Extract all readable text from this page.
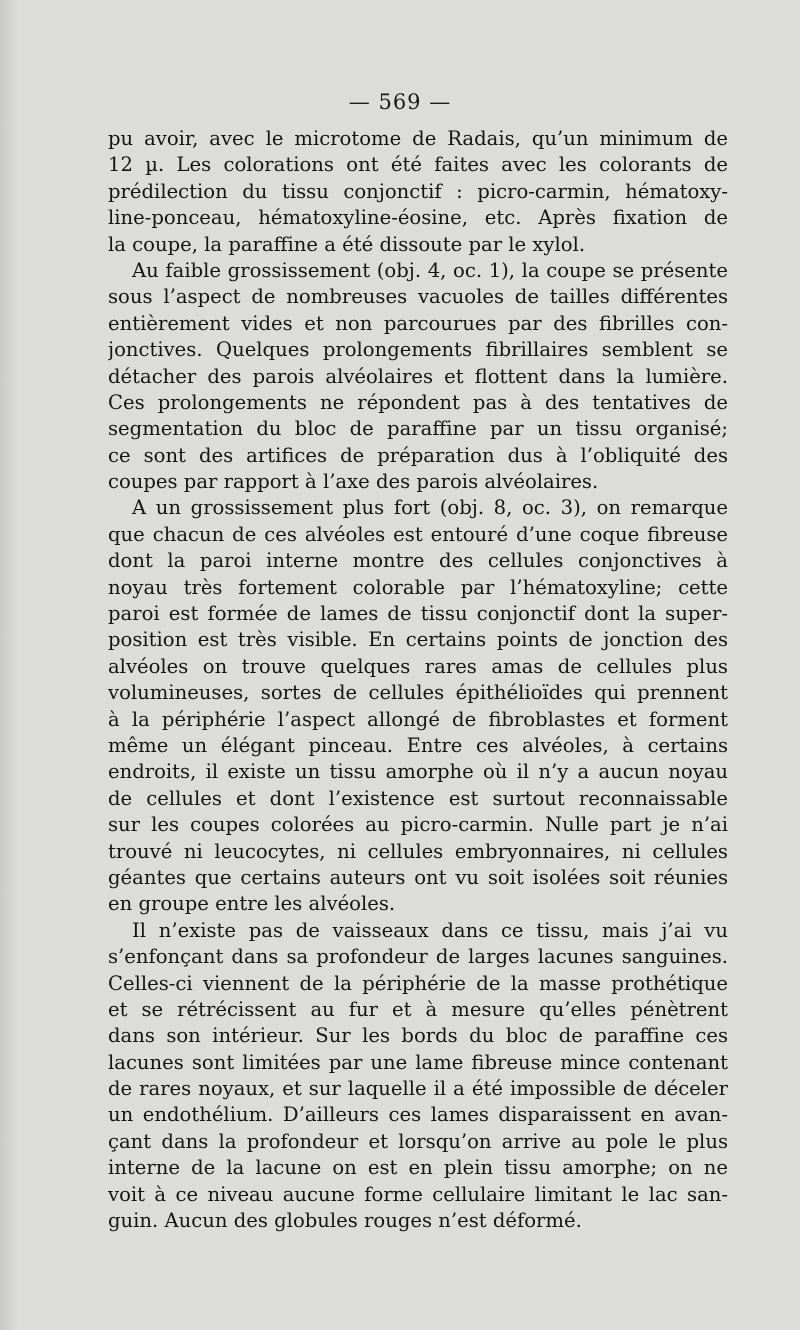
— 569 —
pu avoir, avec le microtome de Radais, qu’un minimum de
12 µ. Les colorations ont été faites avec les colorants de
prédilection du tissu conjonctif : picro-carmin, hématoxy-
line-ponceau, hématoxyline-éosine, etc. Après fixation de
la coupe, la paraffine a été dissoute par le xylol.
Au faible grossissement (obj. 4, oc. 1), la coupe se présente
sous l’aspect de nombreuses vacuoles de tailles différentes
entièrement vides et non parcourues par des fibrilles con-
jonctives. Quelques prolongements fibrillaires semblent se
détacher des parois alvéolaires et flottent dans la lumière.
Ces prolongements ne répondent pas à des tentatives de
segmentation du bloc de paraffine par un tissu organisé;
ce sont des artifices de préparation dus à l’obliquité des
coupes par rapport à l’axe des parois alvéolaires.
A un grossissement plus fort (obj. 8, oc. 3), on remarque
que chacun de ces alvéoles est entouré d’une coque fibreuse
dont la paroi interne montre des cellules conjonctives à
noyau très fortement colorable par l’hématoxyline; cette
paroi est formée de lames de tissu conjonctif dont la super-
position est très visible. En certains points de jonction des
alvéoles on trouve quelques rares amas de cellules plus
volumineuses, sortes de cellules épithélioïdes qui prennent
à la périphérie l’aspect allongé de fibroblastes et forment
même un élégant pinceau. Entre ces alvéoles, à certains
endroits, il existe un tissu amorphe où il n’y a aucun noyau
de cellules et dont l’existence est surtout reconnaissable
sur les coupes colorées au picro-carmin. Nulle part je n’ai
trouvé ni leucocytes, ni cellules embryonnaires, ni cellules
géantes que certains auteurs ont vu soit isolées soit réunies
en groupe entre les alvéoles.
Il n’existe pas de vaisseaux dans ce tissu, mais j’ai vu
s’enfonçant dans sa profondeur de larges lacunes sanguines.
Celles-ci viennent de la périphérie de la masse prothétique
et se rétrécissent au fur et à mesure qu’elles pénètrent
dans son intérieur. Sur les bords du bloc de paraffine ces
lacunes sont limitées par une lame fibreuse mince contenant
de rares noyaux, et sur laquelle il a été impossible de déceler
un endothélium. D’ailleurs ces lames disparaissent en avan-
çant dans la profondeur et lorsqu’on arrive au pole le plus
interne de la lacune on est en plein tissu amorphe; on ne
voit à ce niveau aucune forme cellulaire limitant le lac san-
guin. Aucun des globules rouges n’est déformé.
